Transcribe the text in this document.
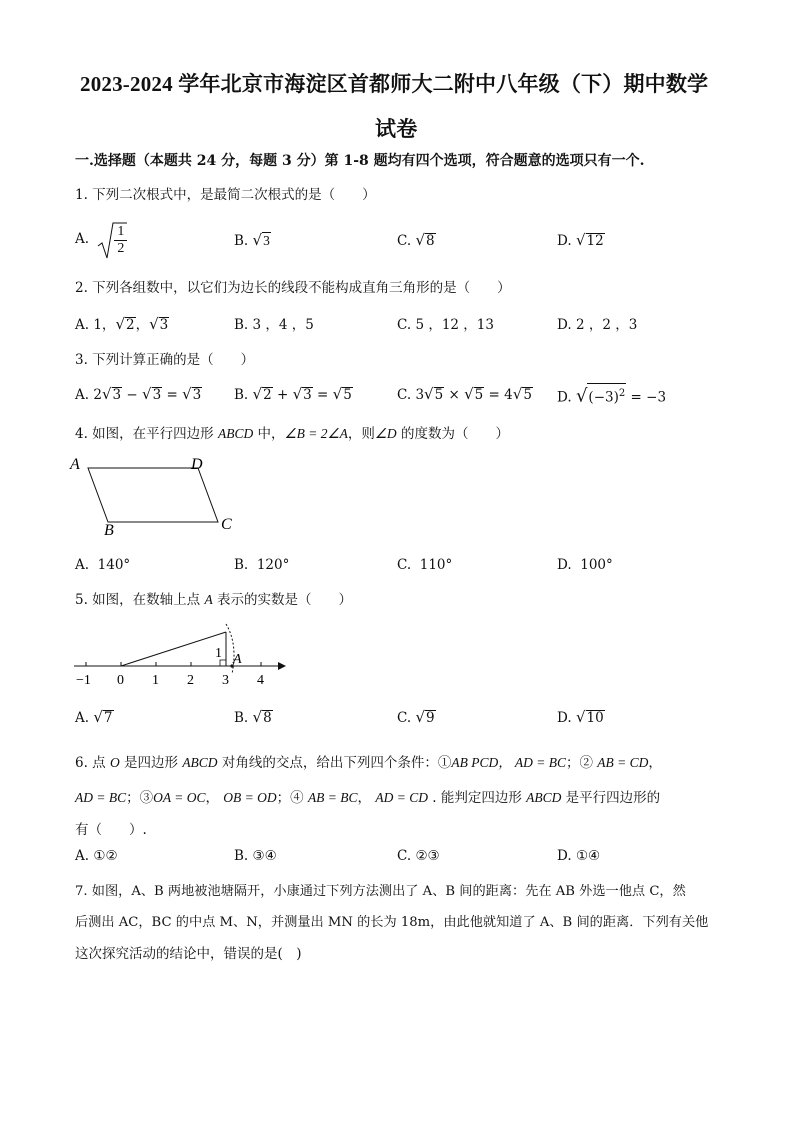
2023-2024 学年北京市海淀区首都师大二附中八年级（下）期中数学
试卷
一.选择题（本题共 24 分，每题 3 分）第 1-8 题均有四个选项，符合题意的选项只有一个.
1. 下列二次根式中，是最简二次根式的是（　　）
A. $\frac{1}{2}$	B. √3	C. √8	D. √12
2. 下列各组数中，以它们为边长的线段不能构成直角三角形的是（　　）
A. 1，√2，√3	B. 3 ，4 ，5	C. 5 ，12 ，13	D. 2 ，2 ，3
3. 下列计算正确的是（　　）
A. 2√3 − √3 = √3 B. √2 + √3 = √5	C. 3√5 × √5 = 4√5 D. $√(-3)^2 = -3$
4. 如图，在平行四边形 ABCD 中，∠B = 2∠A，则∠D 的度数为（　　）
A	D
B	C
A. 140°	B. 120°	C. 110°	D. 100°
5. 如图，在数轴上点 A 表示的实数是（　　）
1 A
−1 0 1 2 3 4
A. √7	B. √8	C. √9	D. √10
6. 点 O 是四边形 ABCD 对角线的交点，给出下列四个条件：①AB PCD， AD = BC；② AB = CD，
AD = BC；③OA = OC， OB = OD；④ AB = BC， AD = CD . 能判定四边形 ABCD 是平行四边形的
有（　　）.
A. ①②	B. ③④	C. ②③	D. ①④
7. 如图，A、B 两地被池塘隔开，小康通过下列方法测出了 A、B 间的距离：先在 AB 外选一他点 C，然
后测出 AC，BC 的中点 M、N，并测量出 MN 的长为 18m，由此他就知道了 A、B 间的距离．下列有关他
这次探究活动的结论中，错误的是(　)
